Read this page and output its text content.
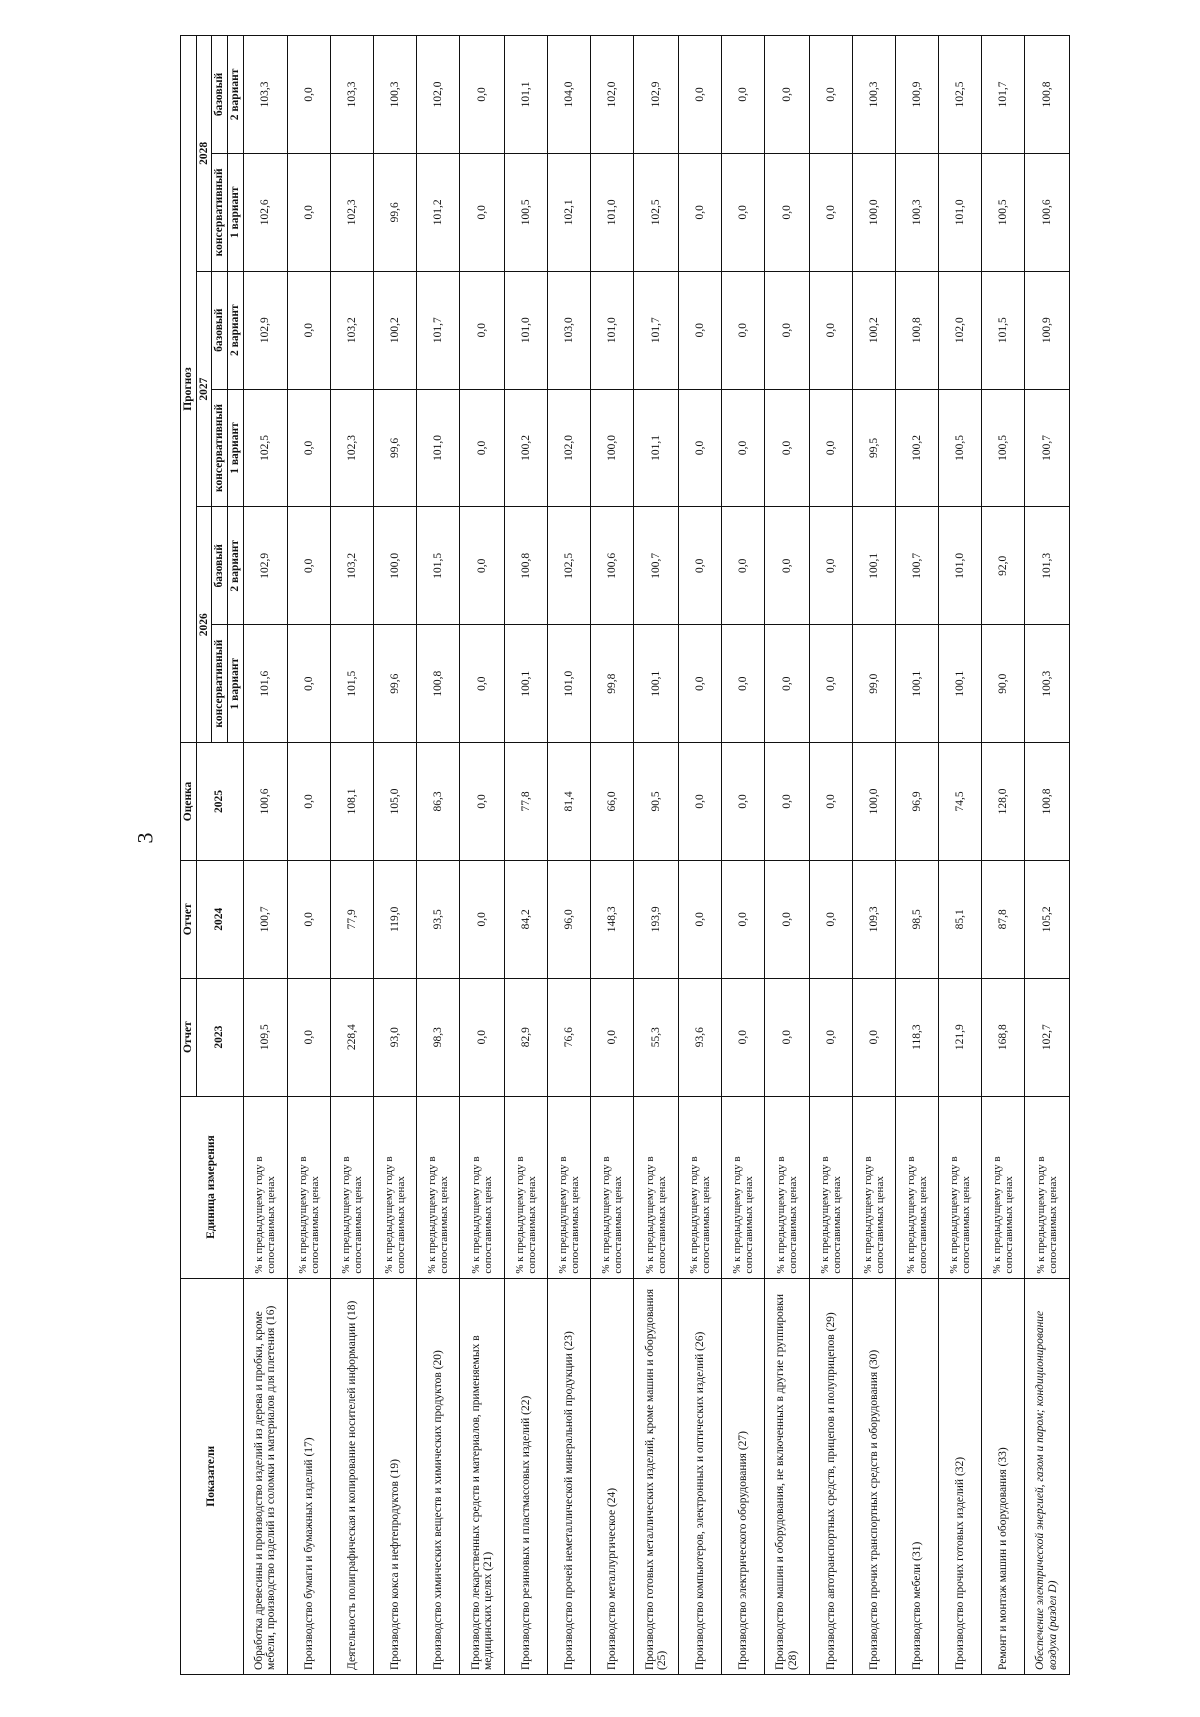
3
Показатели	Единица измерения	Отчет	Отчет	Оценка	Прогноз					
		2023	2024	2025	2026		2027		2028	
					консервативный	базовый	консервативный	базовый	консервативный	базовый
					1 вариант	2 вариант	1 вариант	2 вариант	1 вариант	2 вариант
Обработка древесины и производство изделий из дерева и пробки, кроме мебели, производство изделий из соломки и материалов для плетения (16)	% к предыдущему году в сопоставимых ценах	109,5	100,7	100,6	101,6	102,9	102,5	102,9	102,6	103,3
Производство бумаги и бумажных изделий (17)	% к предыдущему году в сопоставимых ценах	0,0	0,0	0,0	0,0	0,0	0,0	0,0	0,0	0,0
Деятельность полиграфическая и копирование носителей информации (18)	% к предыдущему году в сопоставимых ценах	228,4	77,9	108,1	101,5	103,2	102,3	103,2	102,3	103,3
Производство кокса и нефтепродуктов (19)	% к предыдущему году в сопоставимых ценах	93,0	119,0	105,0	99,6	100,0	99,6	100,2	99,6	100,3
Производство химических веществ и химических продуктов (20)	% к предыдущему году в сопоставимых ценах	98,3	93,5	86,3	100,8	101,5	101,0	101,7	101,2	102,0
Производство лекарственных средств и материалов, применяемых в медицинских целях (21)	% к предыдущему году в сопоставимых ценах	0,0	0,0	0,0	0,0	0,0	0,0	0,0	0,0	0,0
Производство резиновых и пластмассовых изделий (22)	% к предыдущему году в сопоставимых ценах	82,9	84,2	77,8	100,1	100,8	100,2	101,0	100,5	101,1
Производство прочей неметаллической минеральной продукции (23)	% к предыдущему году в сопоставимых ценах	76,6	96,0	81,4	101,0	102,5	102,0	103,0	102,1	104,0
Производство металлургическое (24)	% к предыдущему году в сопоставимых ценах	0,0	148,3	66,0	99,8	100,6	100,0	101,0	101,0	102,0
Производство готовых металлических изделий, кроме машин и оборудования (25)	% к предыдущему году в сопоставимых ценах	55,3	193,9	90,5	100,1	100,7	101,1	101,7	102,5	102,9
Производство компьютеров, электронных и оптических изделий (26)	% к предыдущему году в сопоставимых ценах	93,6	0,0	0,0	0,0	0,0	0,0	0,0	0,0	0,0
Производство электрического оборудования (27)	% к предыдущему году в сопоставимых ценах	0,0	0,0	0,0	0,0	0,0	0,0	0,0	0,0	0,0
Производство машин и оборудования, не включенных в другие группировки (28)	% к предыдущему году в сопоставимых ценах	0,0	0,0	0,0	0,0	0,0	0,0	0,0	0,0	0,0
Производство автотранспортных средств, прицепов и полуприцепов (29)	% к предыдущему году в сопоставимых ценах	0,0	0,0	0,0	0,0	0,0	0,0	0,0	0,0	0,0
Производство прочих транспортных средств и оборудования (30)	% к предыдущему году в сопоставимых ценах	0,0	109,3	100,0	99,0	100,1	99,5	100,2	100,0	100,3
Производство мебели (31)	% к предыдущему году в сопоставимых ценах	118,3	98,5	96,9	100,1	100,7	100,2	100,8	100,3	100,9
Производство прочих готовых изделий (32)	% к предыдущему году в сопоставимых ценах	121,9	85,1	74,5	100,1	101,0	100,5	102,0	101,0	102,5
Ремонт и монтаж машин и оборудования (33)	% к предыдущему году в сопоставимых ценах	168,8	87,8	128,0	90,0	92,0	100,5	101,5	100,5	101,7
Обеспечение электрической энергией, газом и паром; кондиционирование воздуха (раздел D)	% к предыдущему году в сопоставимых ценах	102,7	105,2	100,8	100,3	101,3	100,7	100,9	100,6	100,8
